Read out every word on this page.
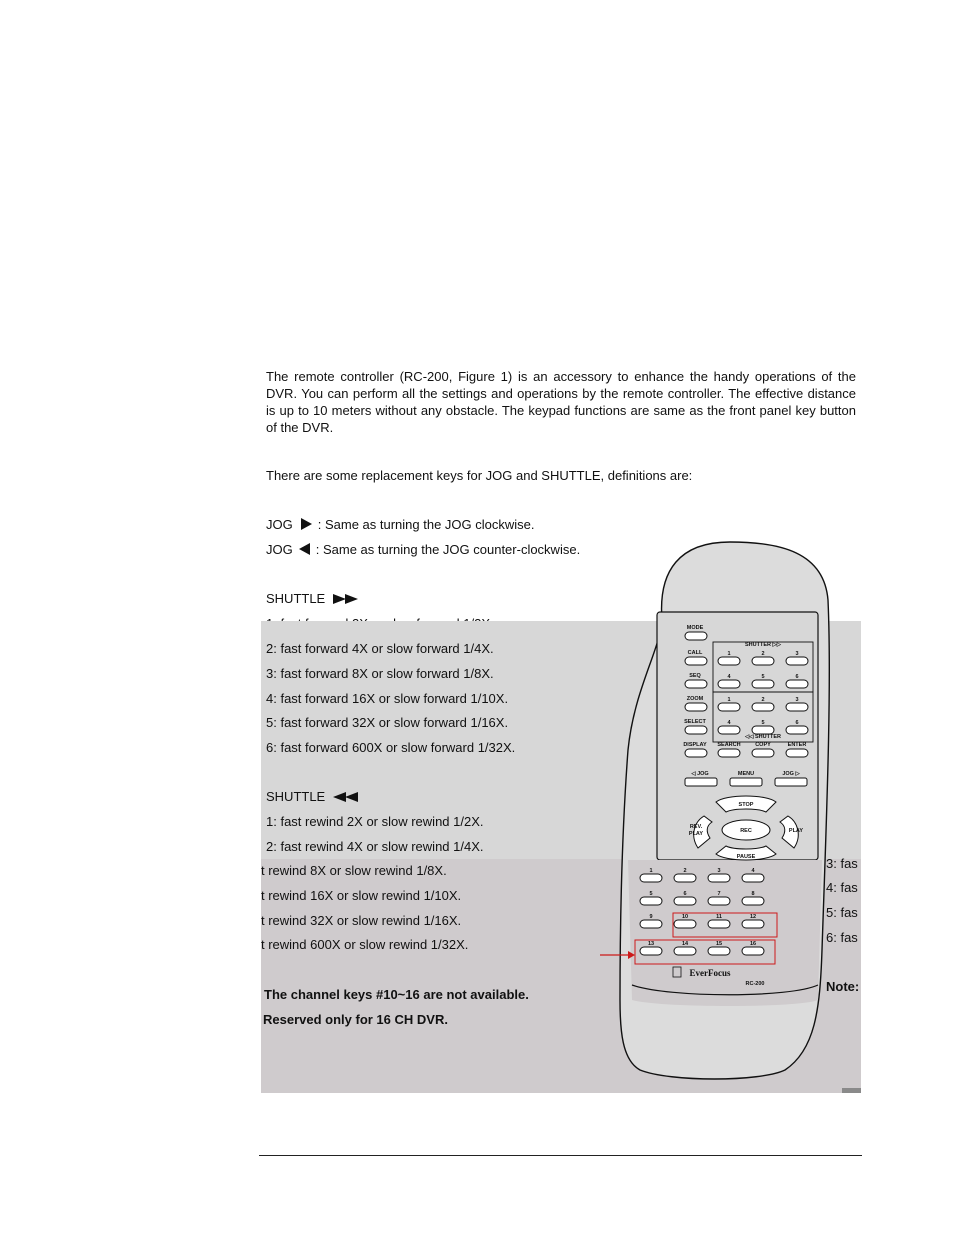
The remote controller (RC-200, Figure 1) is an accessory to enhance the handy operations of the DVR. You can perform all the settings and operations by the remote controller. The effective distance is up to 10 meters without any obstacle. The keypad functions are same as the front panel key button of the DVR.

There are some replacement keys for JOG and SHUTTLE, definitions are:
JOG : Same as turning the JOG clockwise.
JOG : Same as turning the JOG counter-clockwise.
SHUTTLE
2: fast forward 4X or slow forward 1/4X.
3: fast forward 8X or slow forward 1/8X.
4: fast forward 16X or slow forward 1/10X.
5: fast forward 32X or slow forward 1/16X.
6: fast forward 600X or slow forward 1/32X.
SHUTTLE
1: fast rewind 2X or slow rewind 1/2X.
2: fast rewind 4X or slow rewind 1/4X.
t rewind 8X or slow rewind 1/8X.
t rewind 16X or slow rewind 1/10X.
t rewind 32X or slow rewind 1/16X.
t rewind 600X or slow rewind 1/32X.
3: fas
4: fas
5: fas
6: fas
Note:
The channel keys #10~16 are not available.
Reserved only for 16 CH DVR.
MODE
SHUTTER ▷▷
◁◁ SHUTTER
CALL
SEQ
ZOOM
SELECT
1	2	3
4	5	6
1	2	3
4	5	6
DISPLAY SEARCH	COPY	ENTER
◁ JOG	MENU	JOG ▷
STOP
REV.
PLAY	REC	PLAY
PAUSE
1	2	3	4
5	6	7	8
9	10	11	12
13	14	15	16
EverFocus
RC-200
